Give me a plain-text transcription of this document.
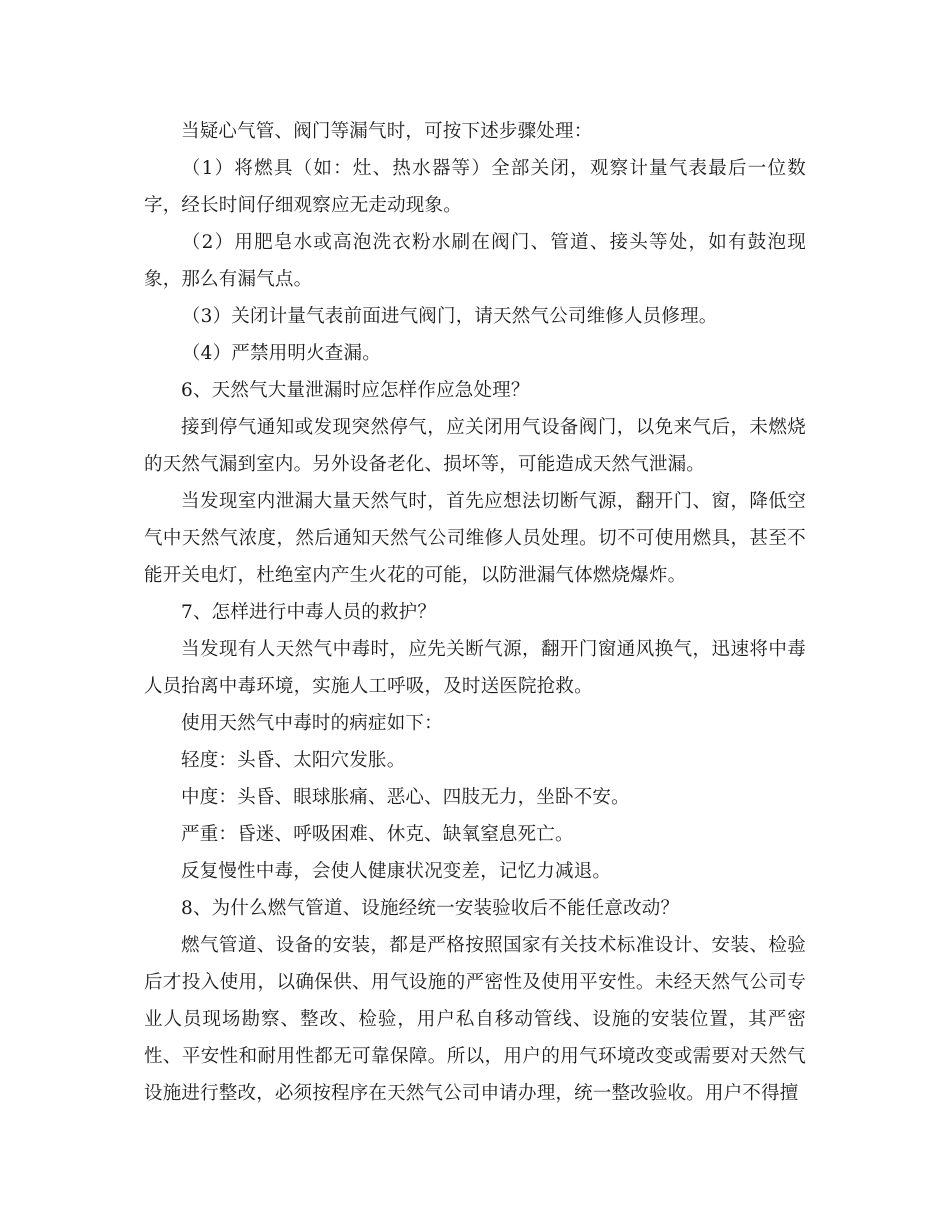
当疑心气管、阀门等漏气时，可按下述步骤处理：

（1）将燃具（如：灶、热水器等）全部关闭，观察计量气表最后一位数字，经长时间仔细观察应无走动现象。

（2）用肥皂水或高泡洗衣粉水刷在阀门、管道、接头等处，如有鼓泡现象，那么有漏气点。

（3）关闭计量气表前面进气阀门，请天然气公司维修人员修理。

（4）严禁用明火查漏。

6、天然气大量泄漏时应怎样作应急处理？

接到停气通知或发现突然停气，应关闭用气设备阀门，以免来气后，未燃烧的天然气漏到室内。另外设备老化、损坏等，可能造成天然气泄漏。

当发现室内泄漏大量天然气时，首先应想法切断气源，翻开门、窗，降低空气中天然气浓度，然后通知天然气公司维修人员处理。切不可使用燃具，甚至不能开关电灯，杜绝室内产生火花的可能，以防泄漏气体燃烧爆炸。

7、怎样进行中毒人员的救护？

当发现有人天然气中毒时，应先关断气源，翻开门窗通风换气，迅速将中毒人员抬离中毒环境，实施人工呼吸，及时送医院抢救。

使用天然气中毒时的病症如下：

轻度：头昏、太阳穴发胀。

中度：头昏、眼球胀痛、恶心、四肢无力，坐卧不安。

严重：昏迷、呼吸困难、休克、缺氧窒息死亡。

反复慢性中毒，会使人健康状况变差，记忆力减退。

8、为什么燃气管道、设施经统一安装验收后不能任意改动？

燃气管道、设备的安装，都是严格按照国家有关技术标准设计、安装、检验后才投入使用，以确保供、用气设施的严密性及使用平安性。未经天然气公司专业人员现场勘察、整改、检验，用户私自移动管线、设施的安装位置，其严密性、平安性和耐用性都无可靠保障。所以，用户的用气环境改变或需要对天然气设施进行整改，必须按程序在天然气公司申请办理，统一整改验收。用户不得擅
